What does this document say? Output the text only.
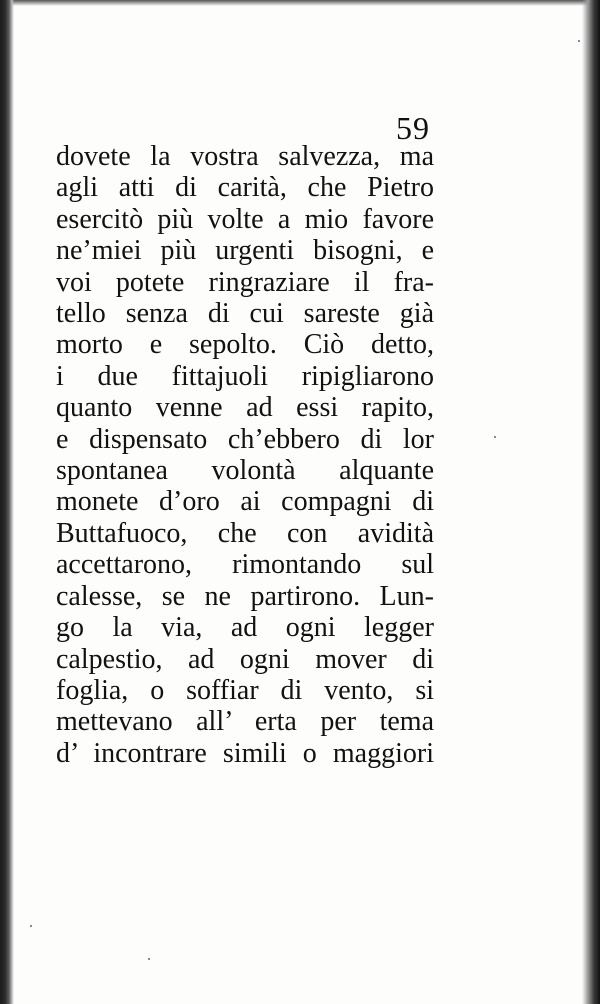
59
dovete la vostra salvezza, ma
agli atti di carità, che Pietro
esercitò più volte a mio favore
ne’miei più urgenti bisogni, e
voi potete ringraziare il fra-
tello senza di cui sareste già
morto e sepolto. Ciò detto,
i due fittajuoli ripigliarono
quanto venne ad essi rapito,
e dispensato ch’ebbero di lor
spontanea volontà alquante
monete d’oro ai compagni di
Buttafuoco, che con avidità
accettarono, rimontando sul
calesse, se ne partirono. Lun-
go la via, ad ogni legger
calpestio, ad ogni mover di
foglia, o soffiar di vento, si
mettevano all’ erta per tema
d’ incontrare simili o maggiori
